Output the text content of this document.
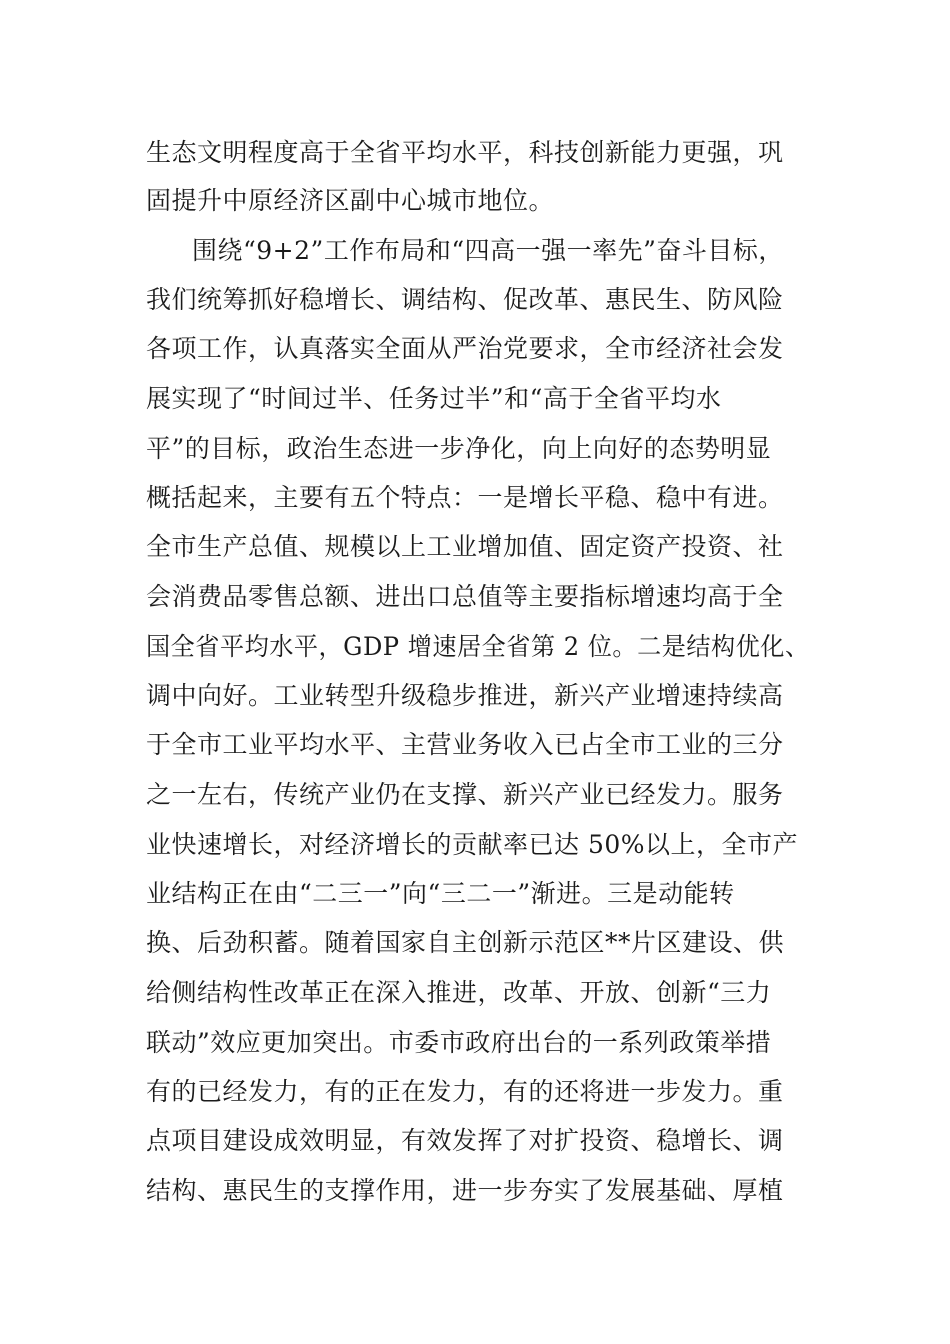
生态文明程度高于全省平均水平，科技创新能力更强，巩
固提升中原经济区副中心城市地位。
围绕“9+2”工作布局和“四高一强一率先”奋斗目标，
我们统筹抓好稳增长、调结构、促改革、惠民生、防风险
各项工作，认真落实全面从严治党要求，全市经济社会发
展实现了“时间过半、任务过半”和“高于全省平均水
平”的目标，政治生态进一步净化，向上向好的态势明显
概括起来，主要有五个特点：一是增长平稳、稳中有进。
全市生产总值、规模以上工业增加值、固定资产投资、社
会消费品零售总额、进出口总值等主要指标增速均高于全
国全省平均水平，GDP 增速居全省第 2 位。二是结构优化、
调中向好。工业转型升级稳步推进，新兴产业增速持续高
于全市工业平均水平、主营业务收入已占全市工业的三分
之一左右，传统产业仍在支撑、新兴产业已经发力。服务
业快速增长，对经济增长的贡献率已达 50%以上，全市产
业结构正在由“二三一”向“三二一”渐进。三是动能转
换、后劲积蓄。随着国家自主创新示范区**片区建设、供
给侧结构性改革正在深入推进，改革、开放、创新“三力
联动”效应更加突出。市委市政府出台的一系列政策举措
有的已经发力，有的正在发力，有的还将进一步发力。重
点项目建设成效明显，有效发挥了对扩投资、稳增长、调
结构、惠民生的支撑作用，进一步夯实了发展基础、厚植
